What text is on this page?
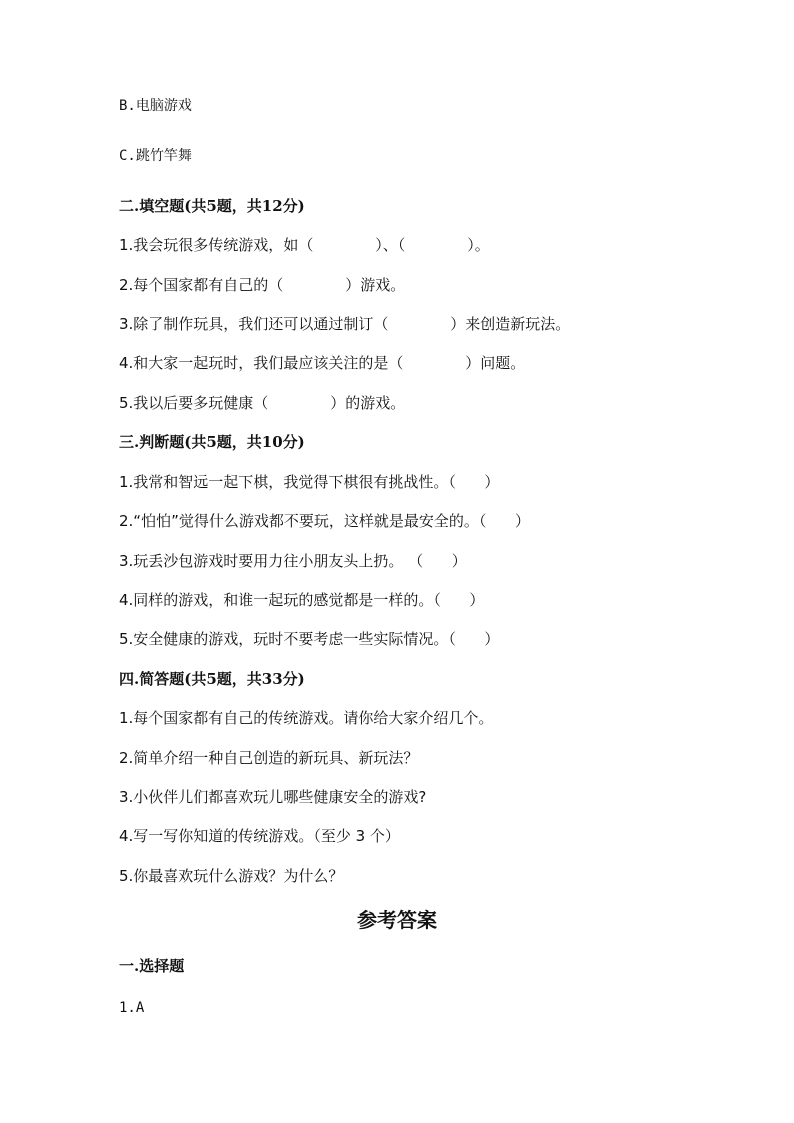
B.电脑游戏
C.跳竹竿舞
二.填空题(共5题，共12分)
1.我会玩很多传统游戏，如（             ）、（             ）。
2.每个国家都有自己的（             ）游戏。
3.除了制作玩具，我们还可以通过制订（             ）来创造新玩法。
4.和大家一起玩时，我们最应该关注的是（             ）问题。
5.我以后要多玩健康（             ）的游戏。
三.判断题(共5题，共10分)
1.我常和智远一起下棋，我觉得下棋很有挑战性。（      ）
2.“怕怕”觉得什么游戏都不要玩，这样就是最安全的。（      ）
3.玩丢沙包游戏时要用力往小朋友头上扔。 （      ）
4.同样的游戏，和谁一起玩的感觉都是一样的。（      ）
5.安全健康的游戏，玩时不要考虑一些实际情况。（      ）
四.简答题(共5题，共33分)
1.每个国家都有自己的传统游戏。请你给大家介绍几个。
2.简单介绍一种自己创造的新玩具、新玩法？
3.小伙伴儿们都喜欢玩儿哪些健康安全的游戏?
4.写一写你知道的传统游戏。（至少 3 个）
5.你最喜欢玩什么游戏？为什么？
参考答案
一.选择题
1.A
